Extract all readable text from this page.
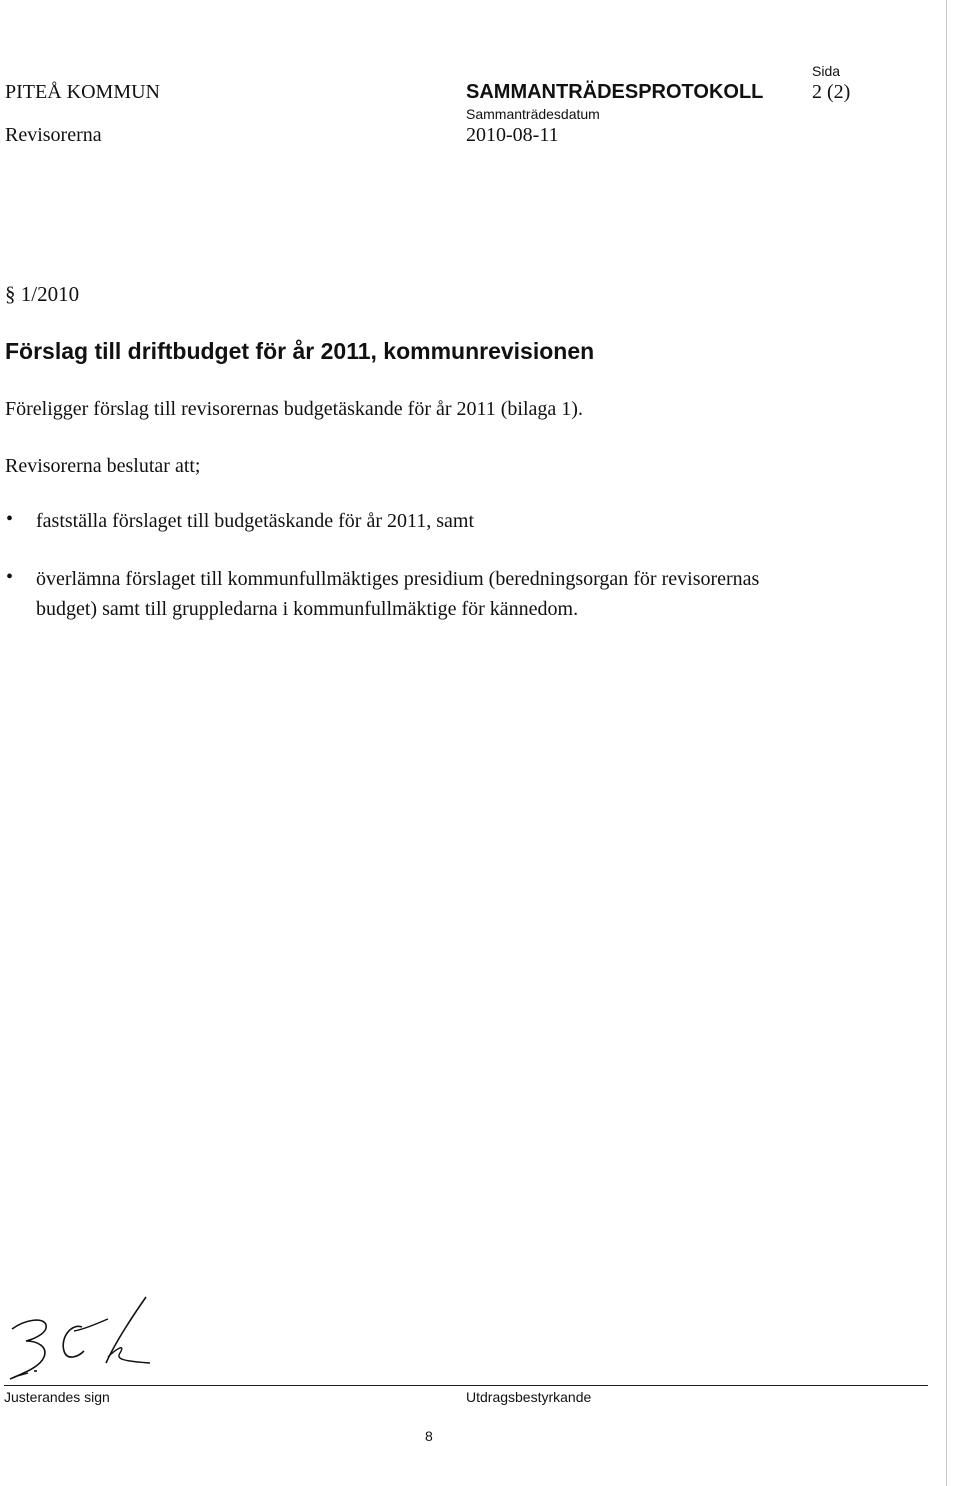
PITEÅ KOMMUN
Revisorerna
SAMMANTRÄDESPROTOKOLL
Sammanträdesdatum
2010-08-11
Sida
2 (2)
§ 1/2010
Förslag till driftbudget för år 2011, kommunrevisionen
Föreligger förslag till revisorernas budgetäskande för år 2011 (bilaga 1).
Revisorerna beslutar att;
•	fastställa förslaget till budgetäskande för år 2011, samt
•	överlämna förslaget till kommunfullmäktiges presidium (beredningsorgan för revisorernas
budget) samt till gruppledarna i kommunfullmäktige för kännedom.
Justerandes sign	Utdragsbestyrkande
8
